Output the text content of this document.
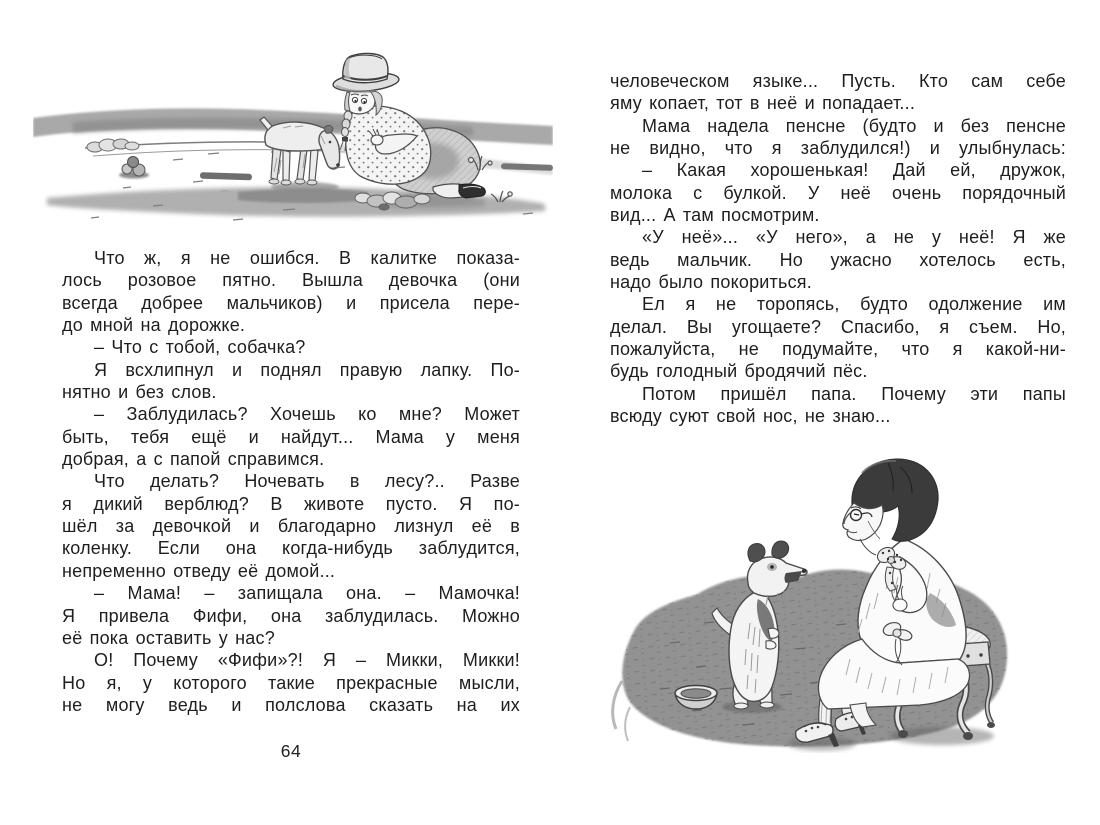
Что ж, я не ошибся. В калитке показа-
лось розовое пятно. Вышла девочка (они
всегда добрее мальчиков) и присела пере-
до мной на дорожке.
– Что с тобой, собачка?
Я всхлипнул и поднял правую лапку. По-
нятно и без слов.
– Заблудилась? Хочешь ко мне? Может
быть, тебя ещё и найдут... Мама у меня
добрая, а с папой справимся.
Что делать? Ночевать в лесу?.. Разве
я дикий верблюд? В животе пусто. Я по-
шёл за девочкой и благодарно лизнул её в
коленку. Если она когда-нибудь заблудится,
непременно отведу её домой...
– Мама! – запищала она. – Мамочка!
Я привела Фифи, она заблудилась. Можно
её пока оставить у нас?
О! Почему «Фифи»?! Я – Микки, Микки!
Но я, у которого такие прекрасные мысли,
не могу ведь и полслова сказать на их
64
человеческом языке... Пусть. Кто сам себе
яму копает, тот в неё и попадает...
Мама надела пенсне (будто и без пенсне
не видно, что я заблудился!) и улыбнулась:
– Какая хорошенькая! Дай ей, дружок,
молока с булкой. У неё очень порядочный
вид... А там посмотрим.
«У неё»... «У него», а не у неё! Я же
ведь мальчик. Но ужасно хотелось есть,
надо было покориться.
Ел я не торопясь, будто одолжение им
делал. Вы угощаете? Спасибо, я съем. Но,
пожалуйста, не подумайте, что я какой-ни-
будь голодный бродячий пёс.
Потом пришёл папа. Почему эти папы
всюду суют свой нос, не знаю...
